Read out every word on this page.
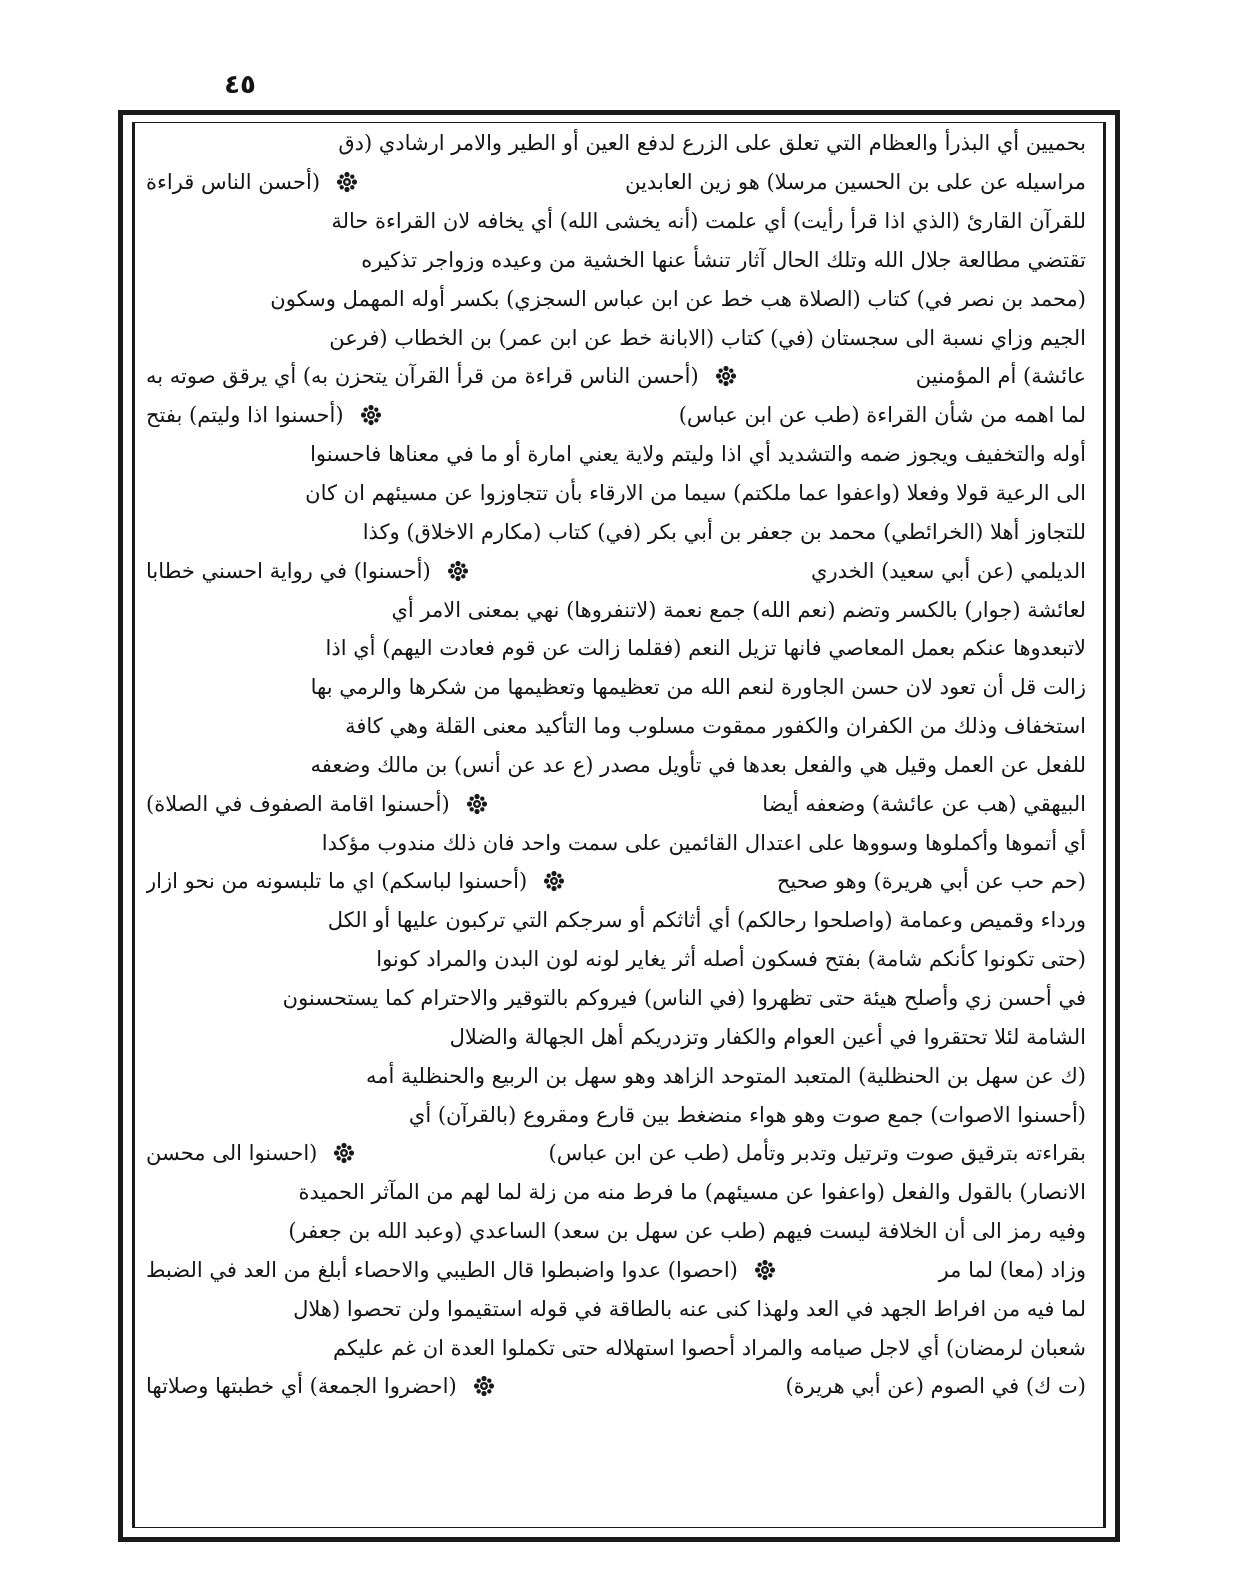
٤٥
بحميين أي البذرأ والعظام التي تعلق على الزرع لدفع العين أو الطير والامر ارشادي (دق
مراسيله عن على بن الحسين مرسلا) هو زين العابدين
(أحسن الناس قراءة
للقرآن القارئ (الذي اذا قرأ رأيت) أي علمت (أنه يخشى الله) أي يخافه لان القراءة حالة
تقتضي مطالعة جلال الله وتلك الحال آثار تنشأ عنها الخشية من وعيده وزواجر تذكيره
(محمد بن نصر في) كتاب (الصلاة هب خط عن ابن عباس السجزي) بكسر أوله المهمل وسكون
الجيم وزاي نسبة الى سجستان (في) كتاب (الابانة خط عن ابن عمر) بن الخطاب (فرعن
عائشة) أم المؤمنين
(أحسن الناس قراءة من قرأ القرآن يتحزن به) أي يرقق صوته به
لما اهمه من شأن القراءة (طب عن ابن عباس)
(أحسنوا اذا وليتم) بفتح
أوله والتخفيف ويجوز ضمه والتشديد أي اذا وليتم ولاية يعني امارة أو ما في معناها فاحسنوا
الى الرعية قولا وفعلا (واعفوا عما ملكتم) سيما من الارقاء بأن تتجاوزوا عن مسيئهم ان كان
للتجاوز أهلا (الخرائطي) محمد بن جعفر بن أبي بكر (في) كتاب (مكارم الاخلاق) وكذا
الديلمي (عن أبي سعيد) الخدري
(أحسنوا) في رواية احسني خطابا
لعائشة (جوار) بالكسر وتضم (نعم الله) جمع نعمة (لاتنفروها) نهي بمعنى الامر أي
لاتبعدوها عنكم بعمل المعاصي فانها تزيل النعم (فقلما زالت عن قوم فعادت اليهم) أي اذا
زالت قل أن تعود لان حسن الجاورة لنعم الله من تعظيمها وتعظيمها من شكرها والرمي بها
استخفاف وذلك من الكفران والكفور ممقوت مسلوب وما التأكيد معنى القلة وهي كافة
للفعل عن العمل وقيل هي والفعل بعدها في تأويل مصدر (ع عد عن أنس) بن مالك وضعفه
البيهقي (هب عن عائشة) وضعفه أيضا
(أحسنوا اقامة الصفوف في الصلاة)
أي أتموها وأكملوها وسووها على اعتدال القائمين على سمت واحد فان ذلك مندوب مؤكدا
(حم حب عن أبي هريرة) وهو صحيح
(أحسنوا لباسكم) اي ما تلبسونه من نحو ازار
ورداء وقميص وعمامة (واصلحوا رحالكم) أي أثاثكم أو سرجكم التي تركبون عليها أو الكل
(حتى تكونوا كأنكم شامة) بفتح فسكون أصله أثر يغاير لونه لون البدن والمراد كونوا
في أحسن زي وأصلح هيئة حتى تظهروا (في الناس) فيروكم بالتوقير والاحترام كما يستحسنون
الشامة لئلا تحتقروا في أعين العوام والكفار وتزدريكم أهل الجهالة والضلال
(ك عن سهل بن الحنظلية) المتعبد المتوحد الزاهد وهو سهل بن الربيع والحنظلية أمه
(أحسنوا الاصوات) جمع صوت وهو هواء منضغط بين قارع ومقروع (بالقرآن) أي
بقراءته بترقيق صوت وترتيل وتدبر وتأمل (طب عن ابن عباس)
(احسنوا الى محسن
الانصار) بالقول والفعل (واعفوا عن مسيئهم) ما فرط منه من زلة لما لهم من المآثر الحميدة
وفيه رمز الى أن الخلافة ليست فيهم (طب عن سهل بن سعد) الساعدي (وعبد الله بن جعفر)
وزاد (معا) لما مر
(احصوا) عدوا واضبطوا قال الطيبي والاحصاء أبلغ من العد في الضبط
لما فيه من افراط الجهد في العد ولهذا كنى عنه بالطاقة في قوله استقيموا ولن تحصوا (هلال
شعبان لرمضان) أي لاجل صيامه والمراد أحصوا استهلاله حتى تكملوا العدة ان غم عليكم
(ت ك) في الصوم (عن أبي هريرة)
(احضروا الجمعة) أي خطبتها وصلاتها
